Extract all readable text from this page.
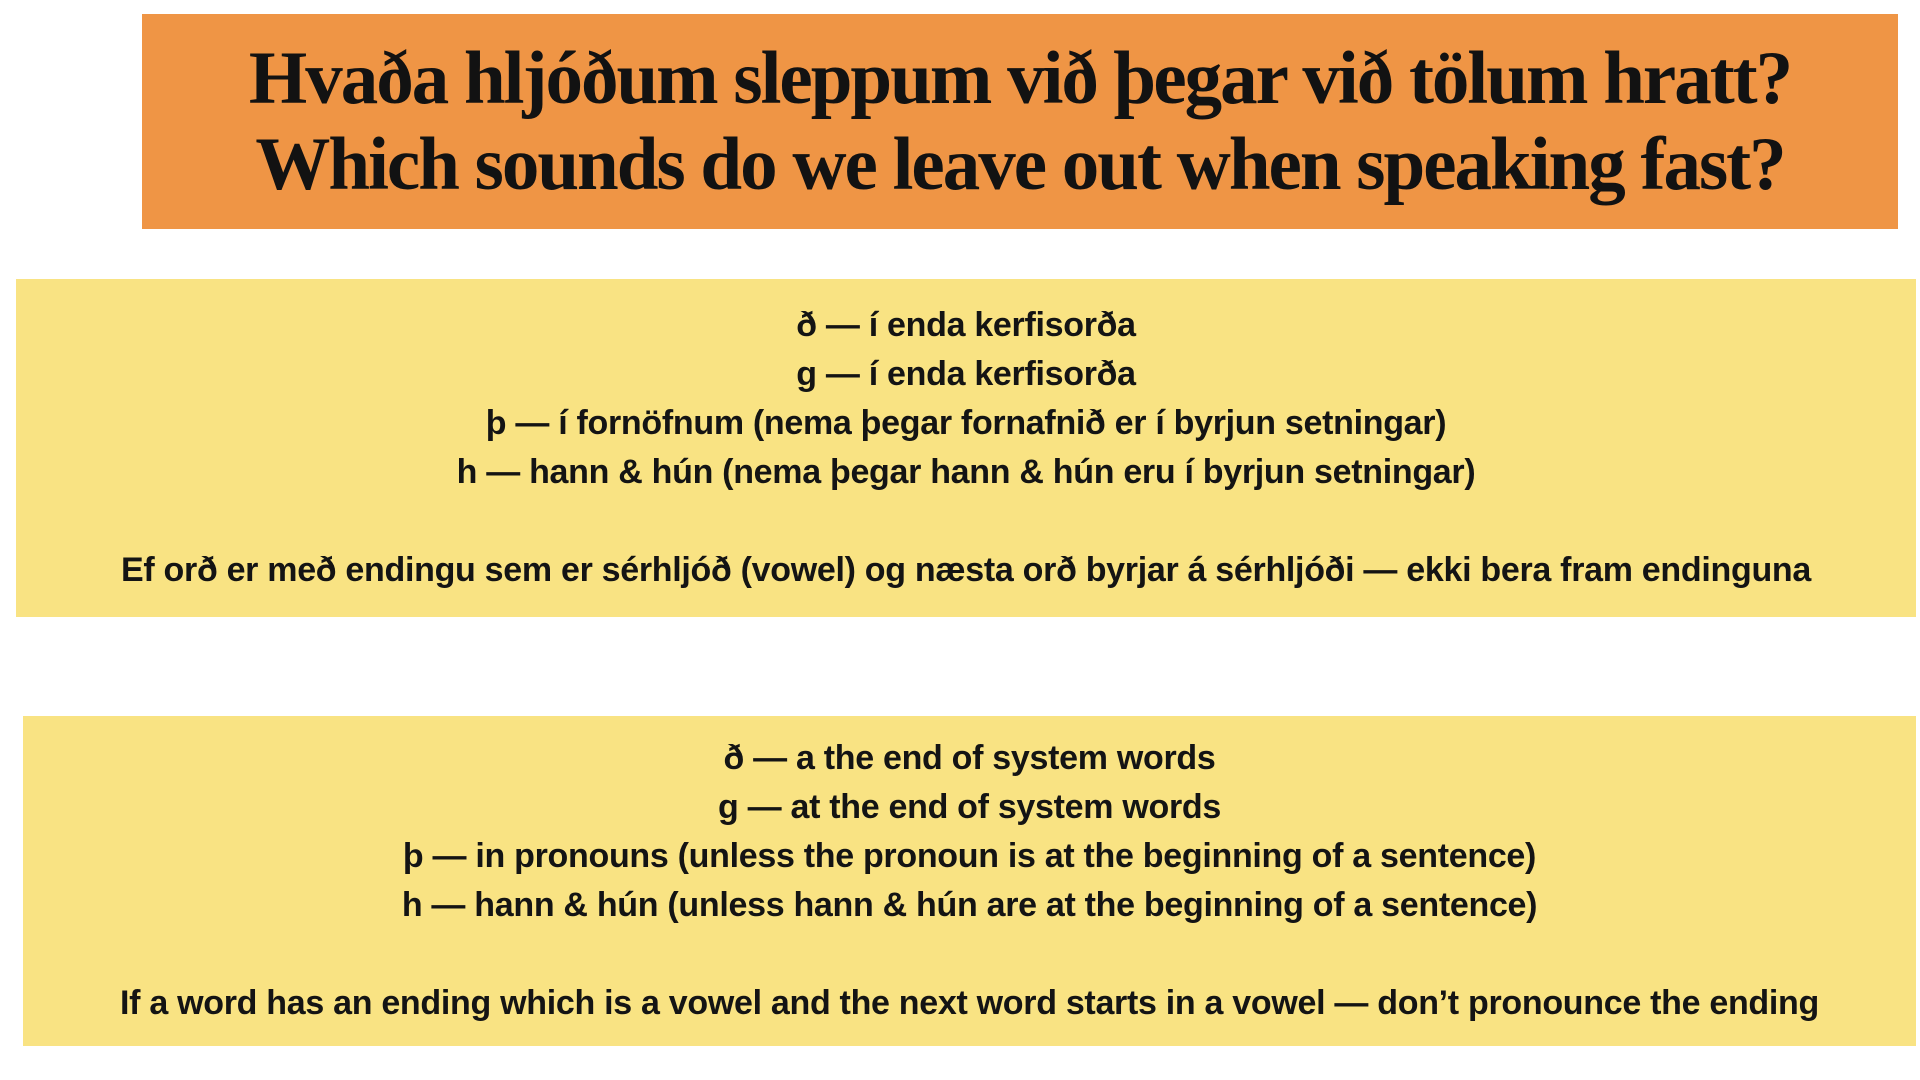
Hvaða hljóðum sleppum við þegar við tölum hratt?
Which sounds do we leave out when speaking fast?
ð — í enda kerfisorða
g — í enda kerfisorða
þ — í fornöfnum (nema þegar fornafnið er í byrjun setningar)
h — hann & hún (nema þegar hann & hún eru í byrjun setningar)
Ef orð er með endingu sem er sérhljóð (vowel) og næsta orð byrjar á sérhljóði — ekki bera fram endinguna
ð — a the end of system words
g — at the end of system words
þ — in pronouns (unless the pronoun is at the beginning of a sentence)
h — hann & hún (unless hann & hún are at the beginning of a sentence)
If a word has an ending which is a vowel and the next word starts in a vowel — don’t pronounce the ending
